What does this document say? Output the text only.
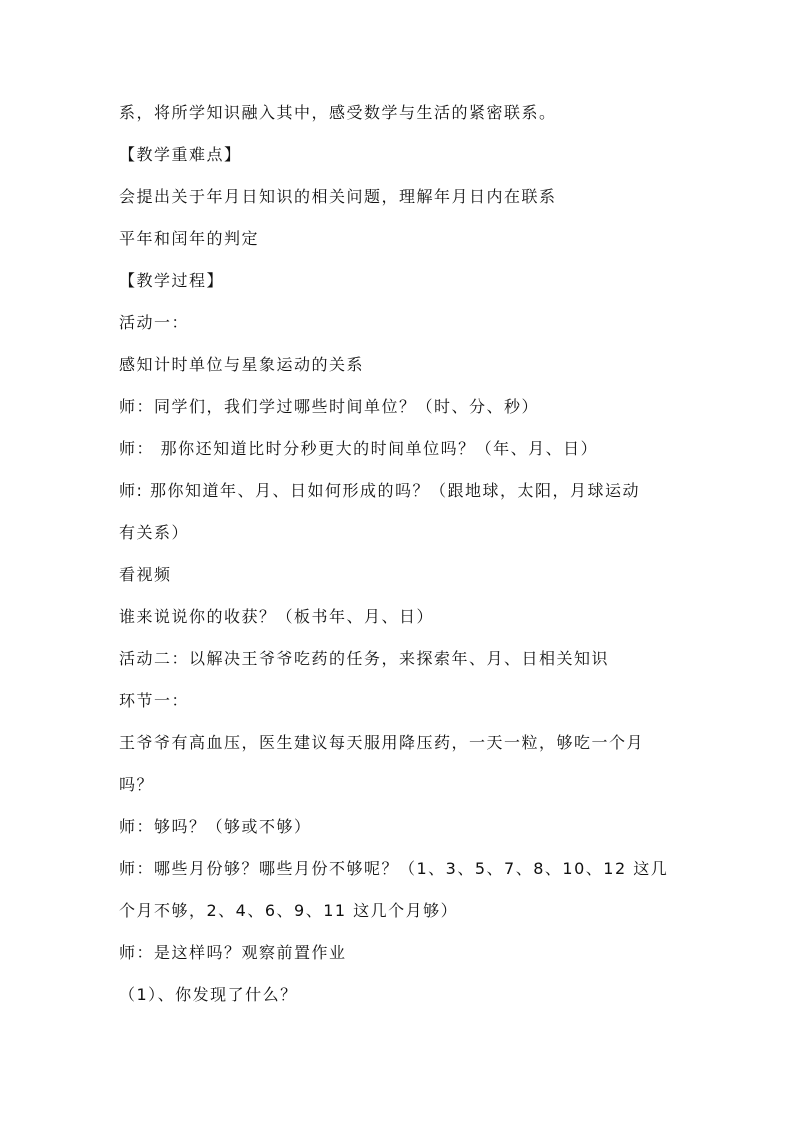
系，将所学知识融入其中，感受数学与生活的紧密联系。
【教学重难点】
会提出关于年月日知识的相关问题，理解年月日内在联系
平年和闰年的判定
【教学过程】
活动一：
感知计时单位与星象运动的关系
师：同学们，我们学过哪些时间单位？（时、分、秒）
师： 那你还知道比时分秒更大的时间单位吗？（年、月、日）
师: 那你知道年、月、日如何形成的吗？（跟地球，太阳，月球运动
有关系）
看视频
谁来说说你的收获？（板书年、月、日）
活动二：以解决王爷爷吃药的任务，来探索年、月、日相关知识
环节一：
王爷爷有高血压，医生建议每天服用降压药，一天一粒，够吃一个月
吗？
师：够吗？（够或不够）
师：哪些月份够？哪些月份不够呢？（1、3、5、7、8、10、12 这几
个月不够，2、4、6、9、11 这几个月够）
师：是这样吗？观察前置作业
（1）、你发现了什么？
